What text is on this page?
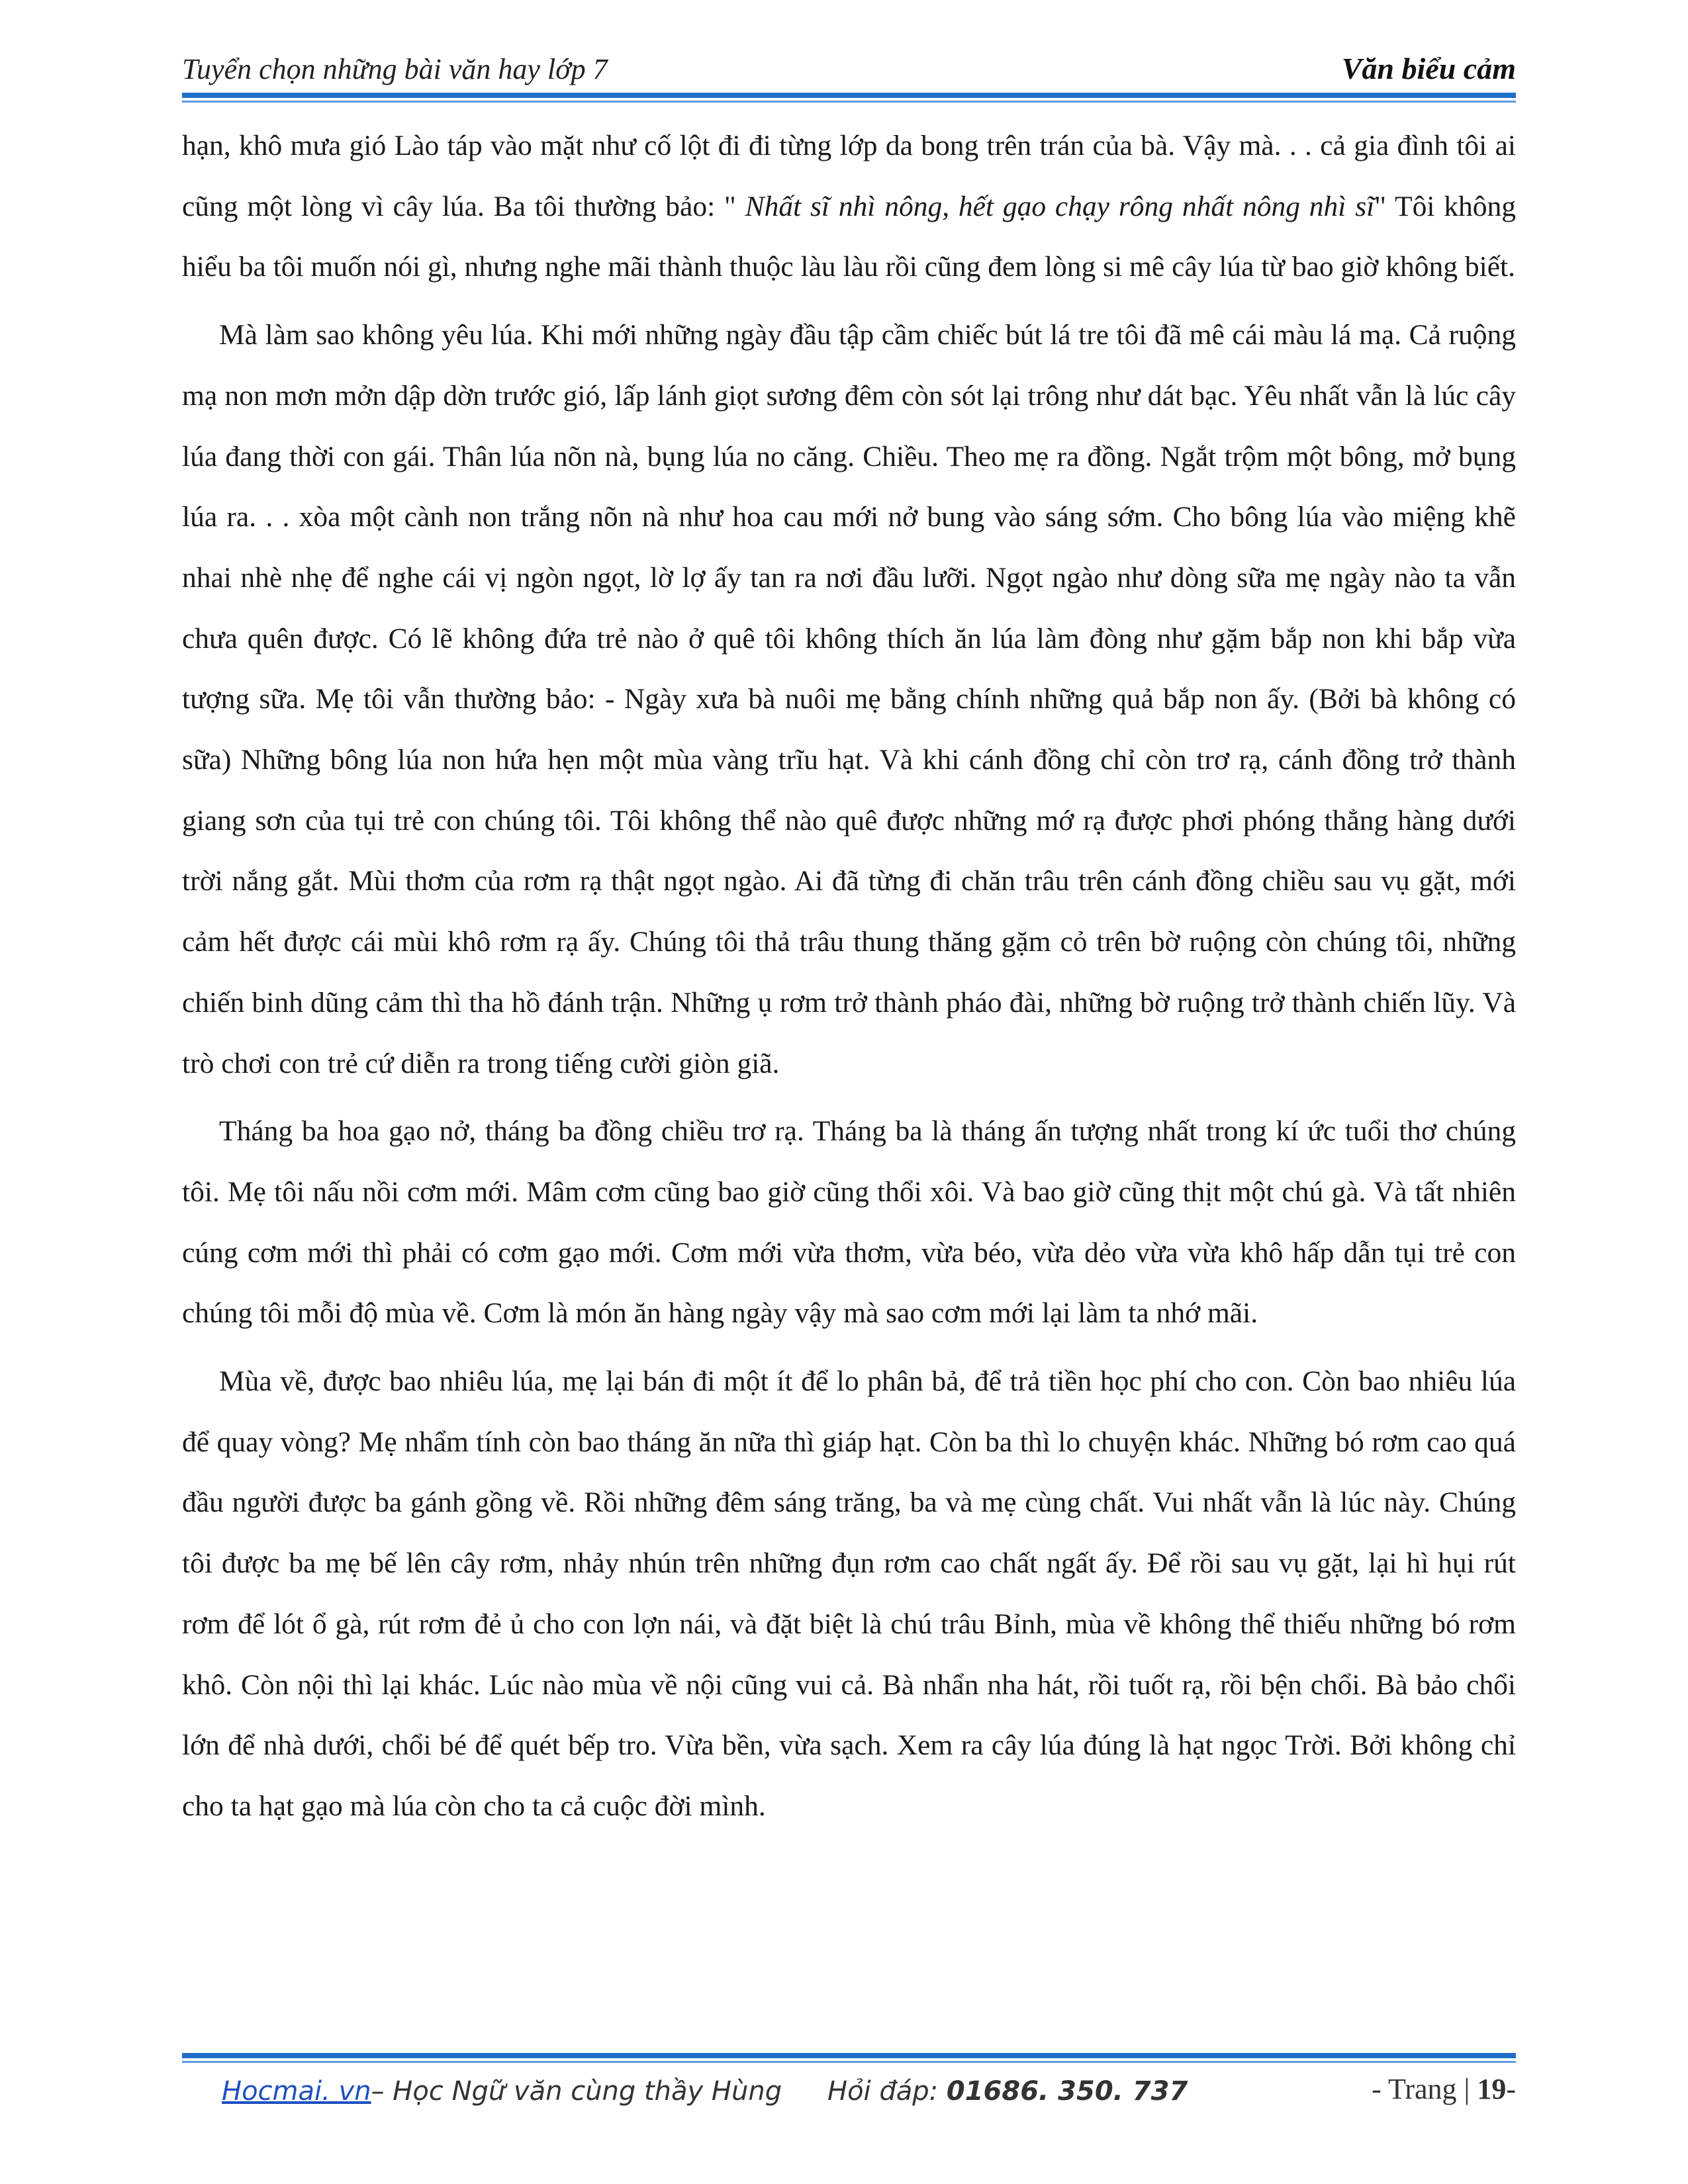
Tuyển chọn những bài văn hay lớp 7	Văn biểu cảm

hạn, khô mưa gió Lào táp vào mặt như cố lột đi đi từng lớp da bong trên trán của bà. Vậy mà. . . cả gia đình tôi ai cũng một lòng vì cây lúa. Ba tôi thường bảo: " Nhất sĩ nhì nông, hết gạo chạy rông nhất nông nhì sĩ" Tôi không hiểu ba tôi muốn nói gì, nhưng nghe mãi thành thuộc làu làu rồi cũng đem lòng si mê cây lúa từ bao giờ không biết.

Mà làm sao không yêu lúa. Khi mới những ngày đầu tập cầm chiếc bút lá tre tôi đã mê cái màu lá mạ. Cả ruộng mạ non mơn mởn dập dờn trước gió, lấp lánh giọt sương đêm còn sót lại trông như dát bạc. Yêu nhất vẫn là lúc cây lúa đang thời con gái. Thân lúa nõn nà, bụng lúa no căng. Chiều. Theo mẹ ra đồng. Ngắt trộm một bông, mở bụng lúa ra. . . xòa một cành non trắng nõn nà như hoa cau mới nở bung vào sáng sớm. Cho bông lúa vào miệng khẽ nhai nhè nhẹ để nghe cái vị ngòn ngọt, lờ lợ ấy tan ra nơi đầu lưỡi. Ngọt ngào như dòng sữa mẹ ngày nào ta vẫn chưa quên được. Có lẽ không đứa trẻ nào ở quê tôi không thích ăn lúa làm đòng như gặm bắp non khi bắp vừa tượng sữa. Mẹ tôi vẫn thường bảo: - Ngày xưa bà nuôi mẹ bằng chính những quả bắp non ấy. (Bởi bà không có sữa) Những bông lúa non hứa hẹn một mùa vàng trĩu hạt. Và khi cánh đồng chỉ còn trơ rạ, cánh đồng trở thành giang sơn của tụi trẻ con chúng tôi. Tôi không thể nào quê được những mớ rạ được phơi phóng thẳng hàng dưới trời nắng gắt. Mùi thơm của rơm rạ thật ngọt ngào. Ai đã từng đi chăn trâu trên cánh đồng chiều sau vụ gặt, mới cảm hết được cái mùi khô rơm rạ ấy. Chúng tôi thả trâu thung thăng gặm cỏ trên bờ ruộng còn chúng tôi, những chiến binh dũng cảm thì tha hồ đánh trận. Những ụ rơm trở thành pháo đài, những bờ ruộng trở thành chiến lũy. Và trò chơi con trẻ cứ diễn ra trong tiếng cười giòn giã.

Tháng ba hoa gạo nở, tháng ba đồng chiều trơ rạ. Tháng ba là tháng ấn tượng nhất trong kí ức tuổi thơ chúng tôi. Mẹ tôi nấu nồi cơm mới. Mâm cơm cũng bao giờ cũng thổi xôi. Và bao giờ cũng thịt một chú gà. Và tất nhiên cúng cơm mới thì phải có cơm gạo mới. Cơm mới vừa thơm, vừa béo, vừa dẻo vừa vừa khô hấp dẫn tụi trẻ con chúng tôi mỗi độ mùa về. Cơm là món ăn hàng ngày vậy mà sao cơm mới lại làm ta nhớ mãi.

Mùa về, được bao nhiêu lúa, mẹ lại bán đi một ít để lo phân bả, để trả tiền học phí cho con. Còn bao nhiêu lúa để quay vòng? Mẹ nhẩm tính còn bao tháng ăn nữa thì giáp hạt. Còn ba thì lo chuyện khác. Những bó rơm cao quá đầu người được ba gánh gồng về. Rồi những đêm sáng trăng, ba và mẹ cùng chất. Vui nhất vẫn là lúc này. Chúng tôi được ba mẹ bế lên cây rơm, nhảy nhún trên những đụn rơm cao chất ngất ấy. Để rồi sau vụ gặt, lại hì hụi rút rơm để lót ổ gà, rút rơm đẻ ủ cho con lợn nái, và đặt biệt là chú trâu Bỉnh, mùa về không thể thiếu những bó rơm khô. Còn nội thì lại khác. Lúc nào mùa về nội cũng vui cả. Bà nhẩn nha hát, rồi tuốt rạ, rồi bện chổi. Bà bảo chổi lớn để nhà dưới, chổi bé để quét bếp tro. Vừa bền, vừa sạch. Xem ra cây lúa đúng là hạt ngọc Trời. Bởi không chỉ cho ta hạt gạo mà lúa còn cho ta cả cuộc đời mình.

Hocmai. vn– Học Ngữ văn cùng thầy Hùng Hỏi đáp: 01686. 350. 737	- Trang | 19-
